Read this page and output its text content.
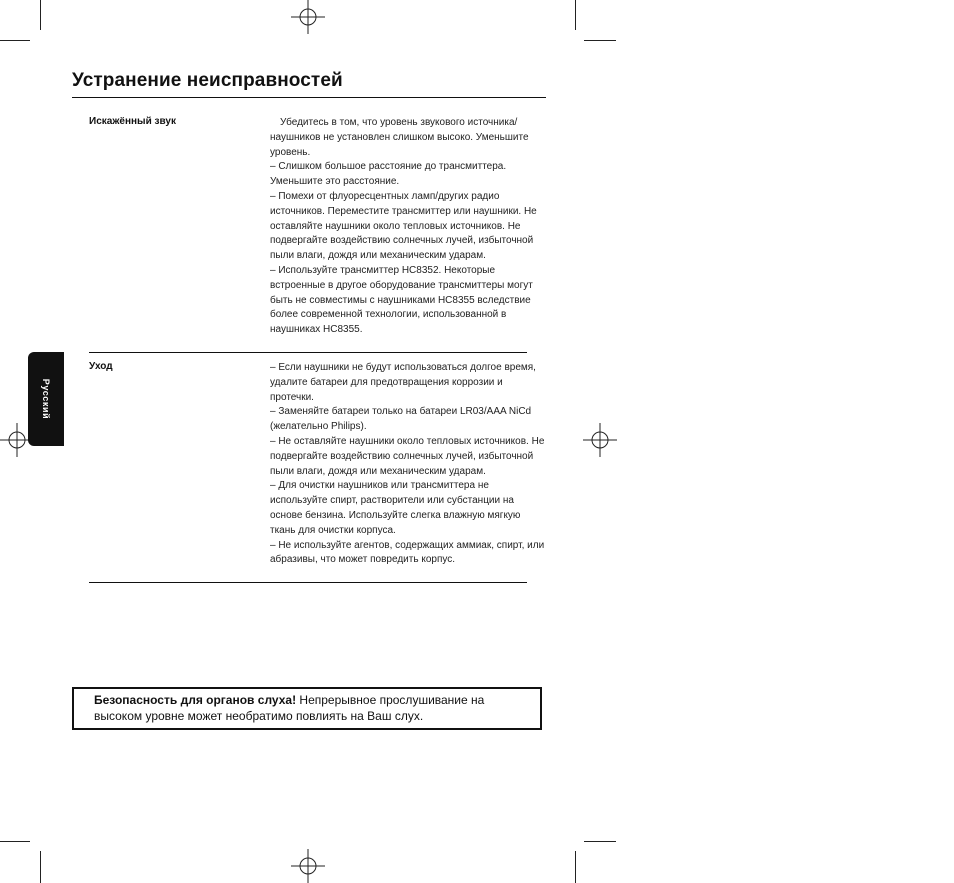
Устранение неисправностей
Искажённый звук	Убедитесь в том, что уровень звукового источника/ наушников не установлен слишком высоко. Уменьшите уровень.

– Слишком большое расстояние до трансмиттера. Уменьшите это расстояние.

– Помехи от флуоресцентных ламп/других радио источников. Переместите трансмиттер или наушники. Не оставляйте наушники около тепловых источников. Не подвергайте воздействию солнечных лучей, избыточной пыли влаги, дождя или механическим ударам.

– Используйте трансмиттер HC8352. Некоторые встроенные в другое оборудование трансмиттеры могут быть не совместимы с наушниками HC8355 вследствие более современной технологии, использованной в наушниках HC8355.

Уход	– Если наушники не будут использоваться долгое время, удалите батареи для предотвращения коррозии и протечки.

– Заменяйте батареи только на батареи LR03/AAA NiCd (желательно Philips).

– Не оставляйте наушники около тепловых источников. Не подвергайте воздействию солнечных лучей, избыточной пыли влаги, дождя или механическим ударам.

– Для очистки наушников или трансмиттера не используйте спирт, растворители или субстанции на основе бензина. Используйте слегка влажную мягкую ткань для очистки корпуса.

– Не используйте агентов, содержащих аммиак, спирт, или абразивы, что может повредить корпус.

Русский

Безопасность для органов слуха! Непрерывное прослушивание на высоком уровне может необратимо повлиять на Ваш слух.
